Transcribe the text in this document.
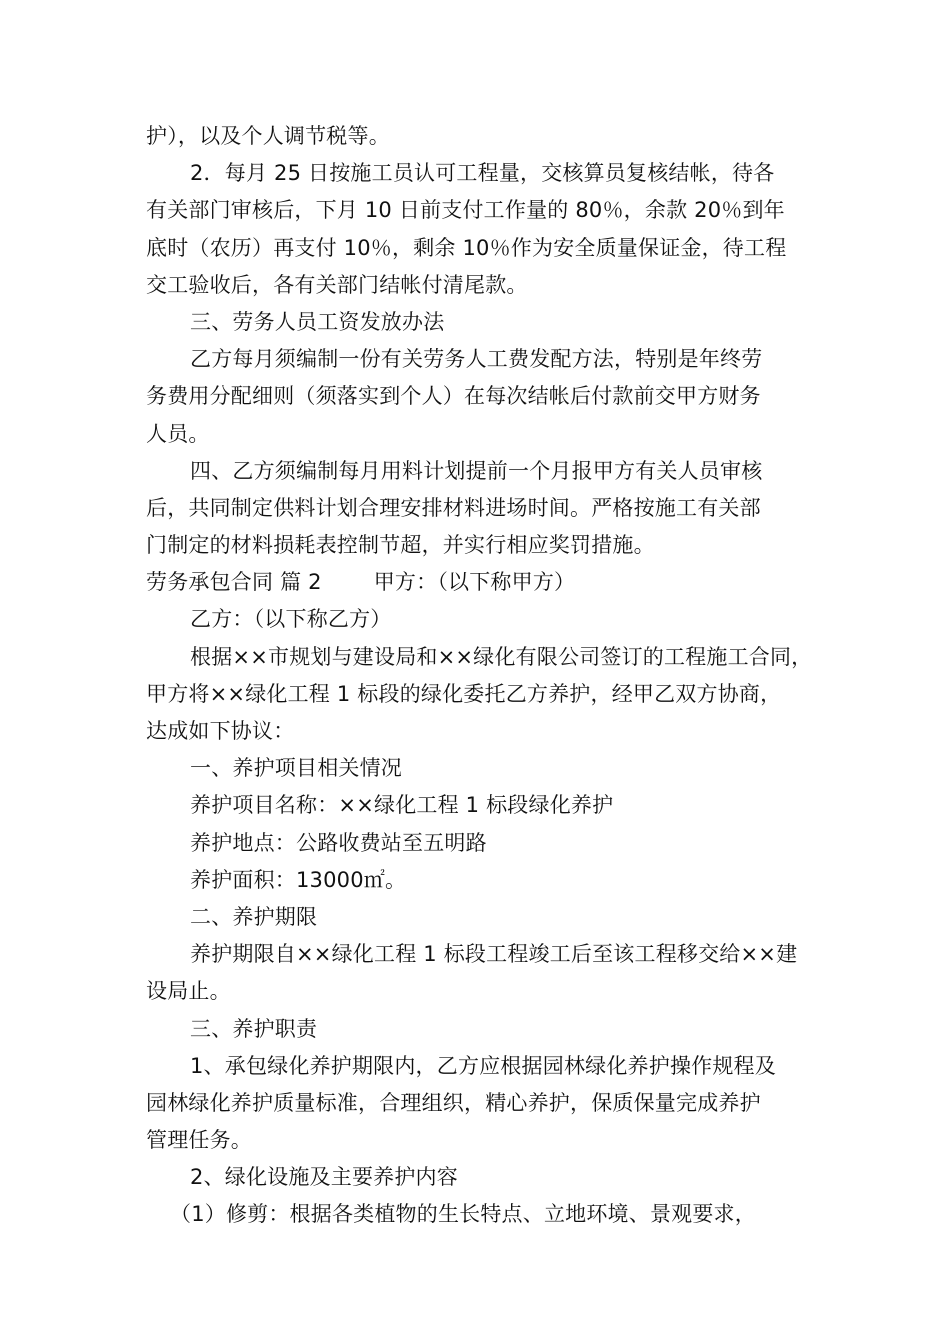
护），以及个人调节税等。
2．每月 25 日按施工员认可工程量，交核算员复核结帐，待各
有关部门审核后，下月 10 日前支付工作量的 80％，余款 20％到年
底时（农历）再支付 10％，剩余 10％作为安全质量保证金，待工程
交工验收后，各有关部门结帐付清尾款。
三、劳务人员工资发放办法
乙方每月须编制一份有关劳务人工费发配方法，特别是年终劳
务费用分配细则（须落实到个人）在每次结帐后付款前交甲方财务
人员。
四、乙方须编制每月用料计划提前一个月报甲方有关人员审核
后，共同制定供料计划合理安排材料进场时间。严格按施工有关部
门制定的材料损耗表控制节超，并实行相应奖罚措施。
劳务承包合同 篇 2 甲方：（以下称甲方）
乙方：（以下称乙方）
根据××市规划与建设局和××绿化有限公司签订的工程施工合同，
甲方将××绿化工程 1 标段的绿化委托乙方养护，经甲乙双方协商，
达成如下协议：
一、养护项目相关情况
养护项目名称：××绿化工程 1 标段绿化养护
养护地点：公路收费站至五明路
养护面积：13000㎡。
二、养护期限
养护期限自××绿化工程 1 标段工程竣工后至该工程移交给××建
设局止。
三、养护职责
1、承包绿化养护期限内，乙方应根据园林绿化养护操作规程及
园林绿化养护质量标准，合理组织，精心养护，保质保量完成养护
管理任务。
2、绿化设施及主要养护内容
（1）修剪：根据各类植物的生长特点、立地环境、景观要求，
